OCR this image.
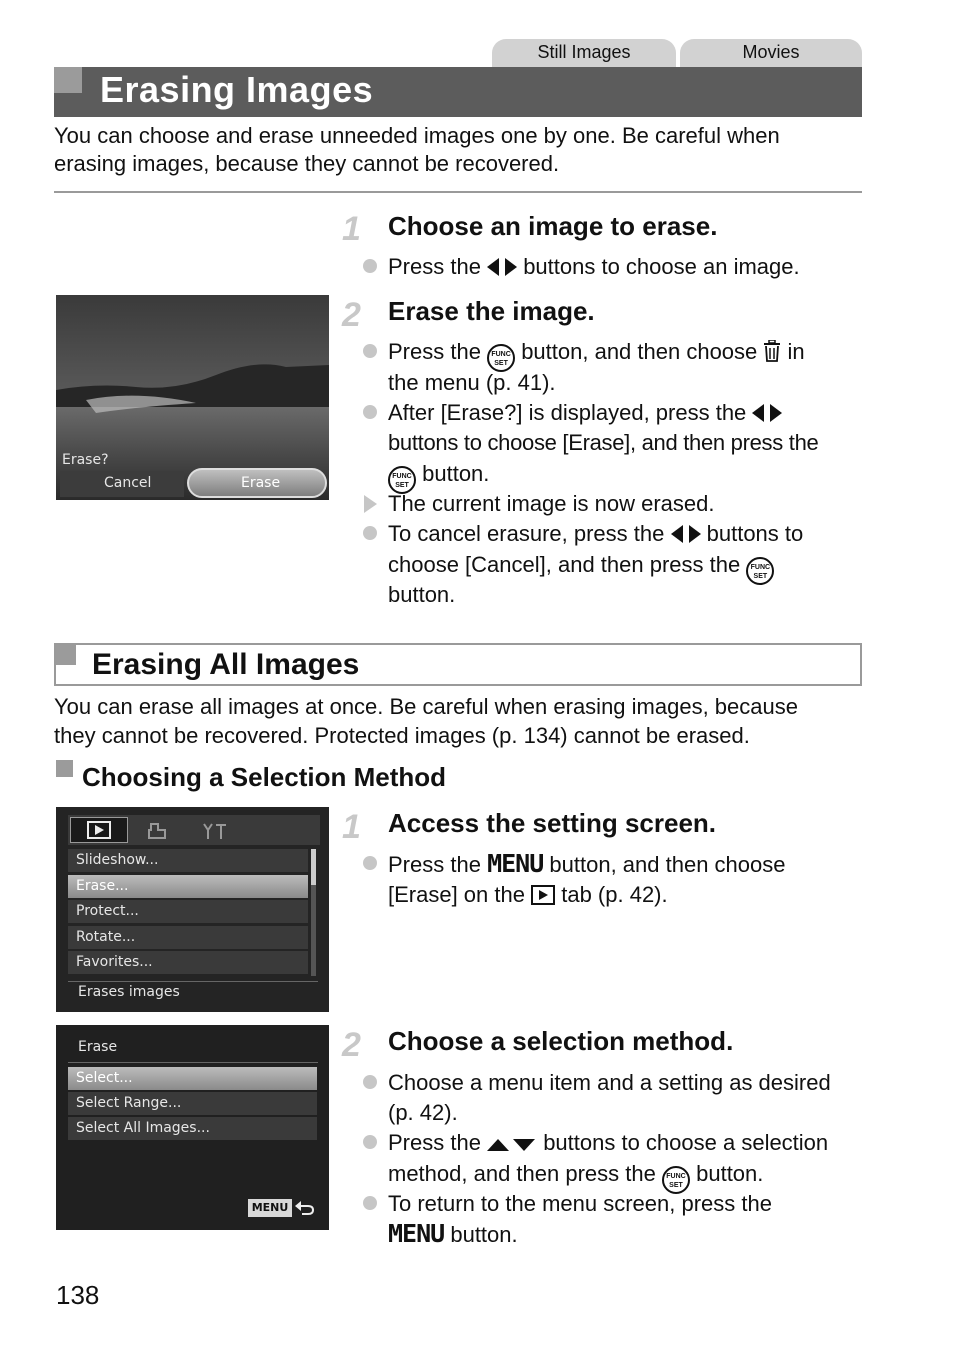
Still Images	Movies
Erasing Images
You can choose and erase unneeded images one by one. Be careful when
erasing images, because they cannot be recovered.
1 Choose an image to erase.
Press the buttons to choose an image.
Erase?
Cancel	Erase
2 Erase the image.
Press the FUNC
SET button, and then choose in
the menu (p. 41).
After [Erase?] is displayed, press the
buttons to choose [Erase], and then press the
FUNC
SET button.
The current image is now erased.
To cancel erasure, press the buttons to
choose [Cancel], and then press the FUNC
SET
button.
Erasing All Images
You can erase all images at once. Be careful when erasing images, because
they cannot be recovered. Protected images (p. 134) cannot be erased.
Choosing a Selection Method
Slideshow...
Erase...
Protect...
Rotate...
Favorites...
Erases images
1 Access the setting screen.
Press the MENU button, and then choose
[Erase] on the tab (p. 42).
Erase
Select...
Select Range...
Select All Images...
MENU
2 Choose a selection method.
Choose a menu item and a setting as desired
(p. 42).
Press the	buttons to choose a selection
method, and then press the FUNC
SET button.
To return to the menu screen, press the
MENU button.
138
